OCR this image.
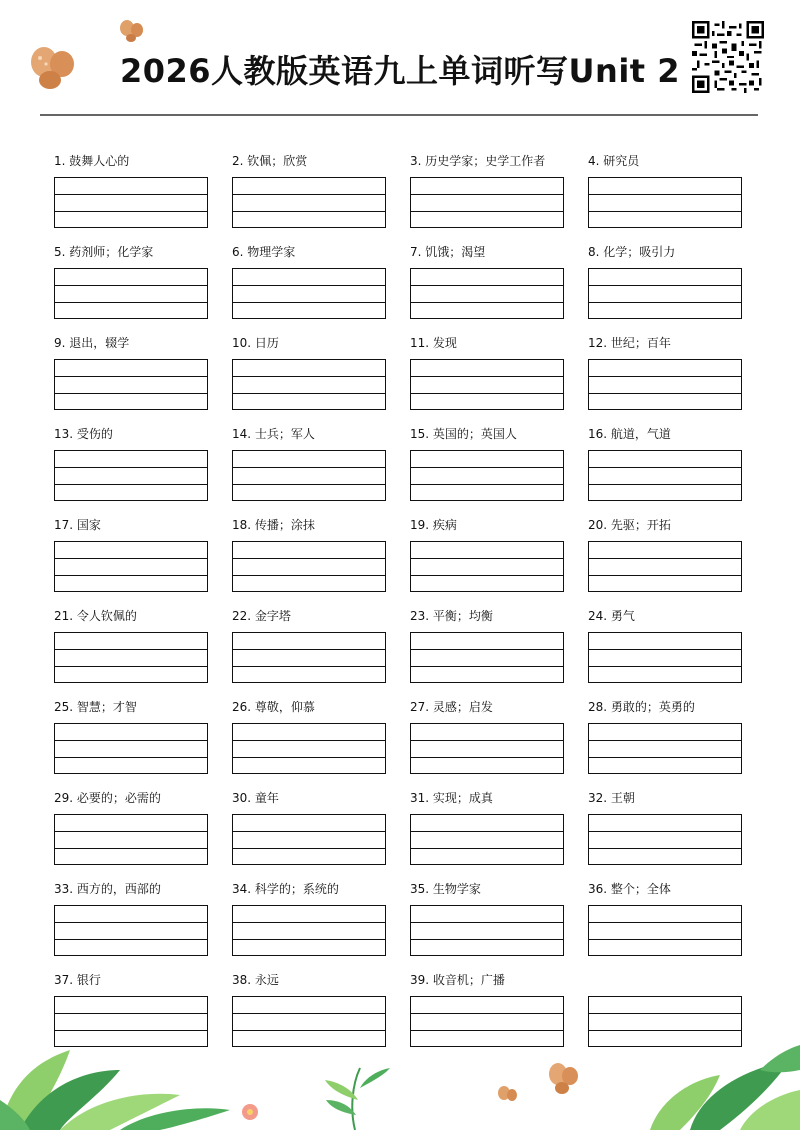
2026人教版英语九上单词听写Unit 2
1. 鼓舞人心的	2. 钦佩；欣赏	3. 历史学家；史学工作者	4. 研究员
5. 药剂师；化学家	6. 物理学家	7. 饥饿；渴望	8. 化学；吸引力
9. 退出，辍学	10. 日历	11. 发现	12. 世纪；百年
13. 受伤的	14. 士兵；军人	15. 英国的；英国人	16. 航道，气道
17. 国家	18. 传播；涂抹	19. 疾病	20. 先驱；开拓
21. 令人钦佩的	22. 金字塔	23. 平衡；均衡	24. 勇气
25. 智慧；才智	26. 尊敬，仰慕	27. 灵感；启发	28. 勇敢的；英勇的
29. 必要的；必需的	30. 童年	31. 实现；成真	32. 王朝
33. 西方的，西部的	34. 科学的；系统的	35. 生物学家	36. 整个；全体
37. 银行	38. 永远	39. 收音机；广播
